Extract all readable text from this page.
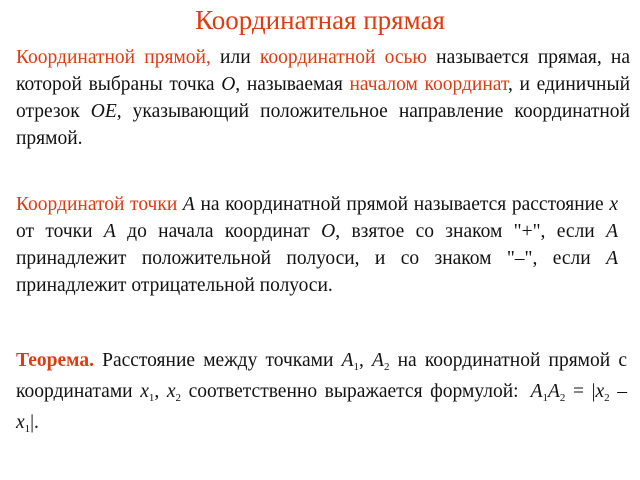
Координатная прямая
Координатной прямой, или координатной осью называется прямая, на которой выбраны точка O, называемая началом координат, и единичный отрезок OE, указывающий положительное направление координатной прямой.
Координатой точки A на координатной прямой называется расстояние x от точки A до начала координат O, взятое со знаком "+", если A принадлежит положительной полуоси, и со знаком "–", если A принадлежит отрицательной полуоси.
Теорема. Расстояние между точками $A_1$, $A_2$ на координатной прямой с координатами $x_1$, $x_2$ соответственно выражается формулой: $A_1A_2 = |x_2 - x_1|$.
